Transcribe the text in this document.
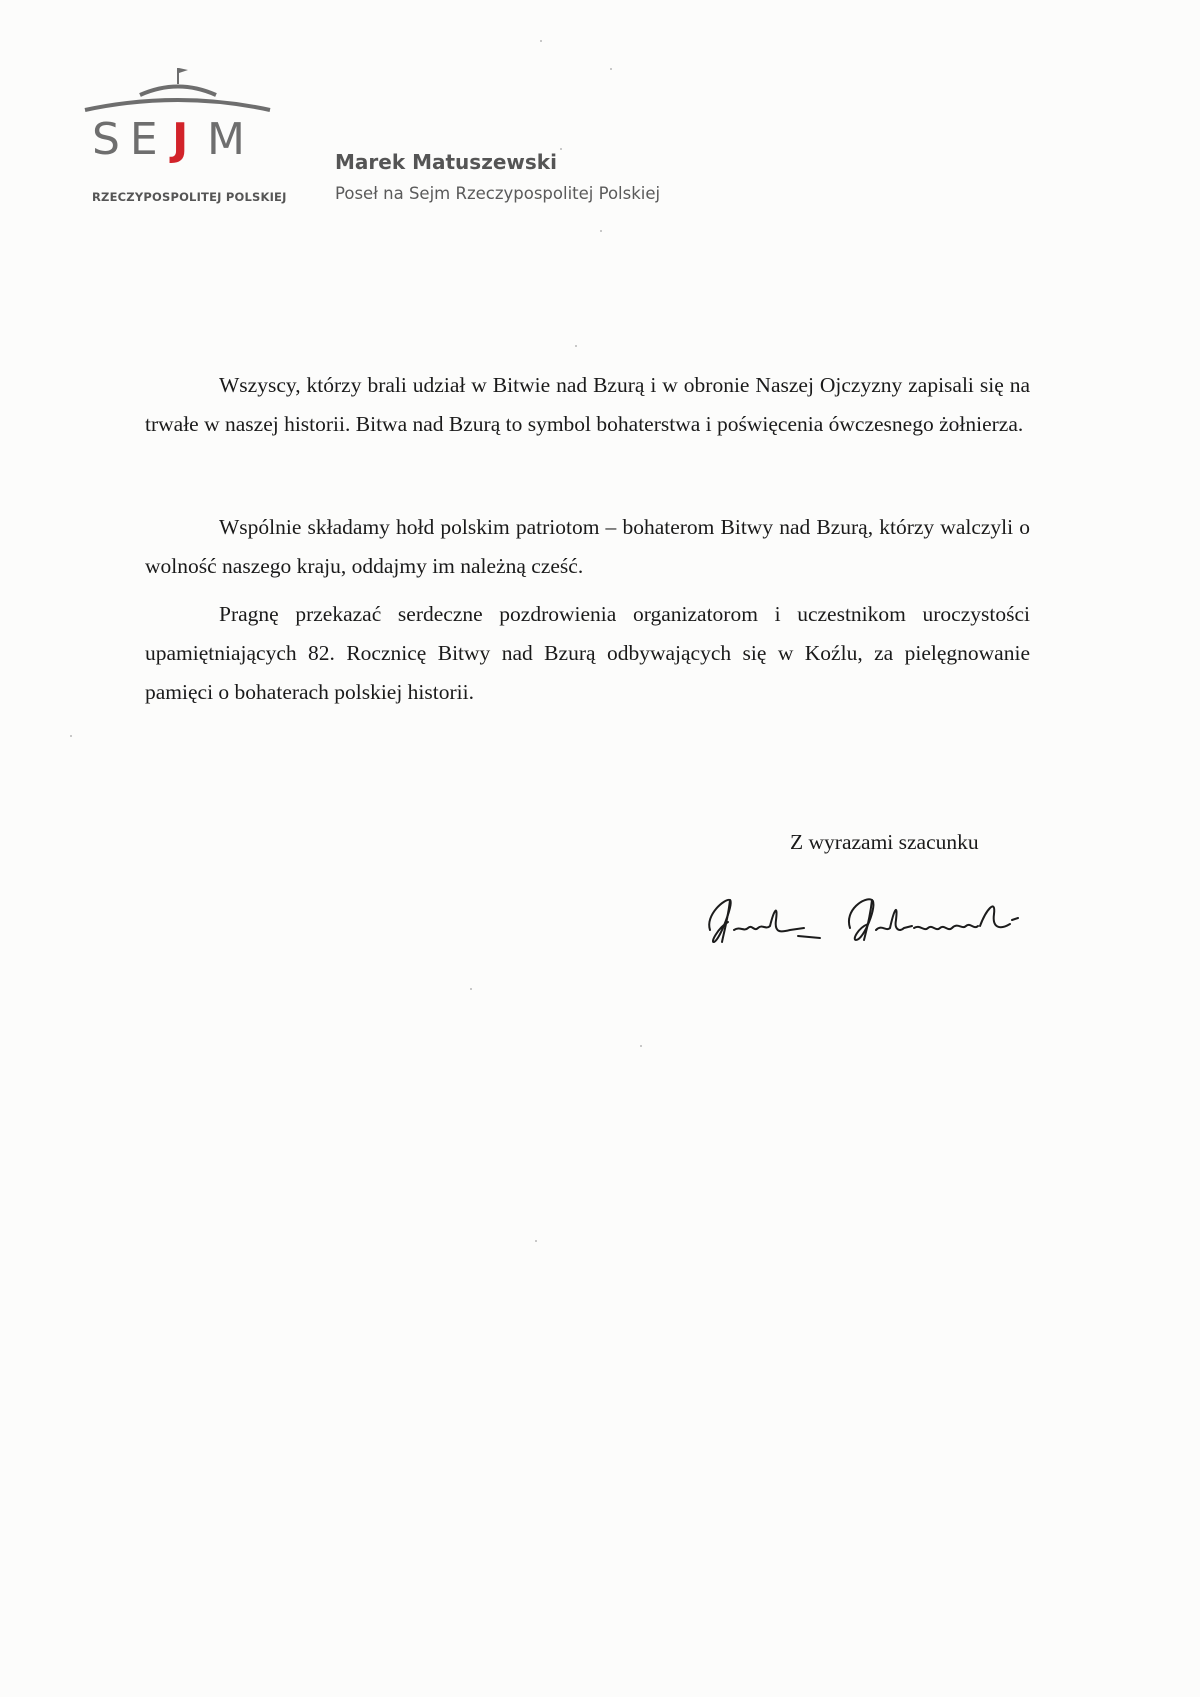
SE J M
RZECZYPOSPOLITEJ POLSKIEJ
Marek Matuszewski
Poseł na Sejm Rzeczypospolitej Polskiej

Wszyscy, którzy brali udział w Bitwie nad Bzurą i w obronie Naszej Ojczyzny zapisali się na trwałe w naszej historii. Bitwa nad Bzurą to symbol bohaterstwa i poświęcenia ówczesnego żołnierza.

Wspólnie składamy hołd polskim patriotom – bohaterom Bitwy nad Bzurą, którzy walczyli o wolność naszego kraju, oddajmy im należną cześć.

Pragnę przekazać serdeczne pozdrowienia organizatorom i uczestnikom uroczystości upamiętniających 82. Rocznicę Bitwy nad Bzurą odbywających się w Koźlu, za pielęgnowanie pamięci o bohaterach polskiej historii.

Z wyrazami szacunku
